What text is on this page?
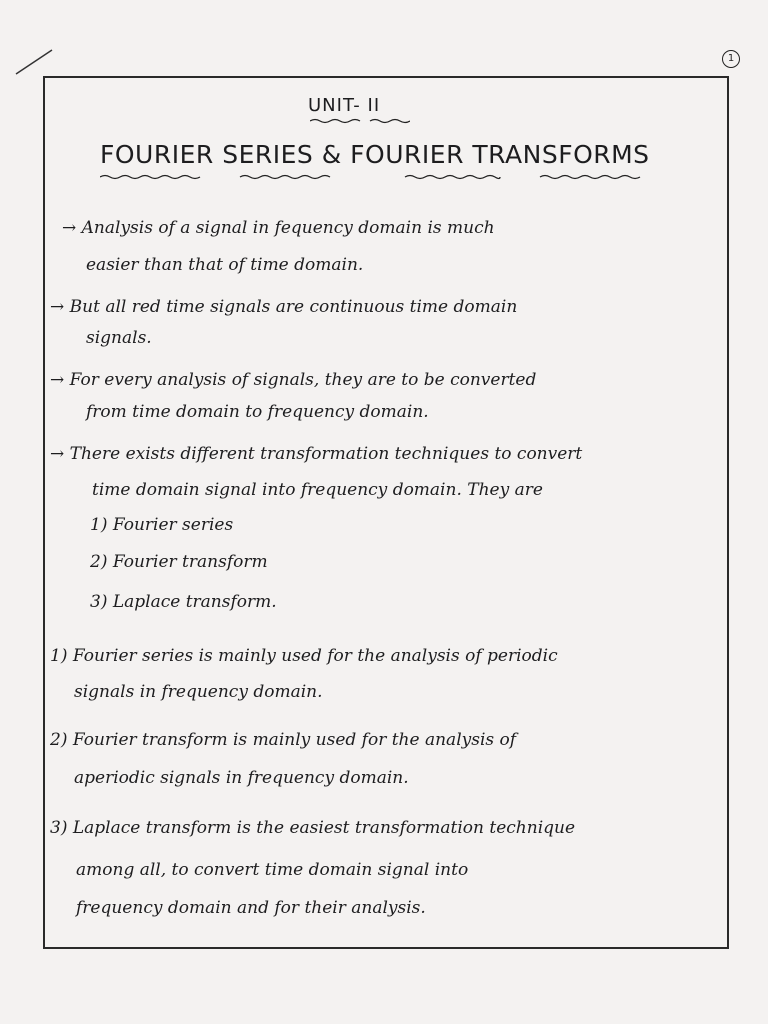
1
UNIT- II
FOURIER SERIES & FOURIER TRANSFORMS
→ Analysis of a signal in fequency domain is much
easier than that of time domain.
→ But all red time signals are continuous time domain
signals.
→ For every analysis of signals, they are to be converted
from time domain to frequency domain.
→ There exists different transformation techniques to convert
time domain signal into frequency domain. They are
1) Fourier series
2) Fourier transform
3) Laplace transform.
1) Fourier series is mainly used for the analysis of periodic
signals in frequency domain.
2) Fourier transform is mainly used for the analysis of
aperiodic signals in frequency domain.
3) Laplace transform is the easiest transformation technique
among all, to convert time domain signal into
frequency domain and for their analysis.
